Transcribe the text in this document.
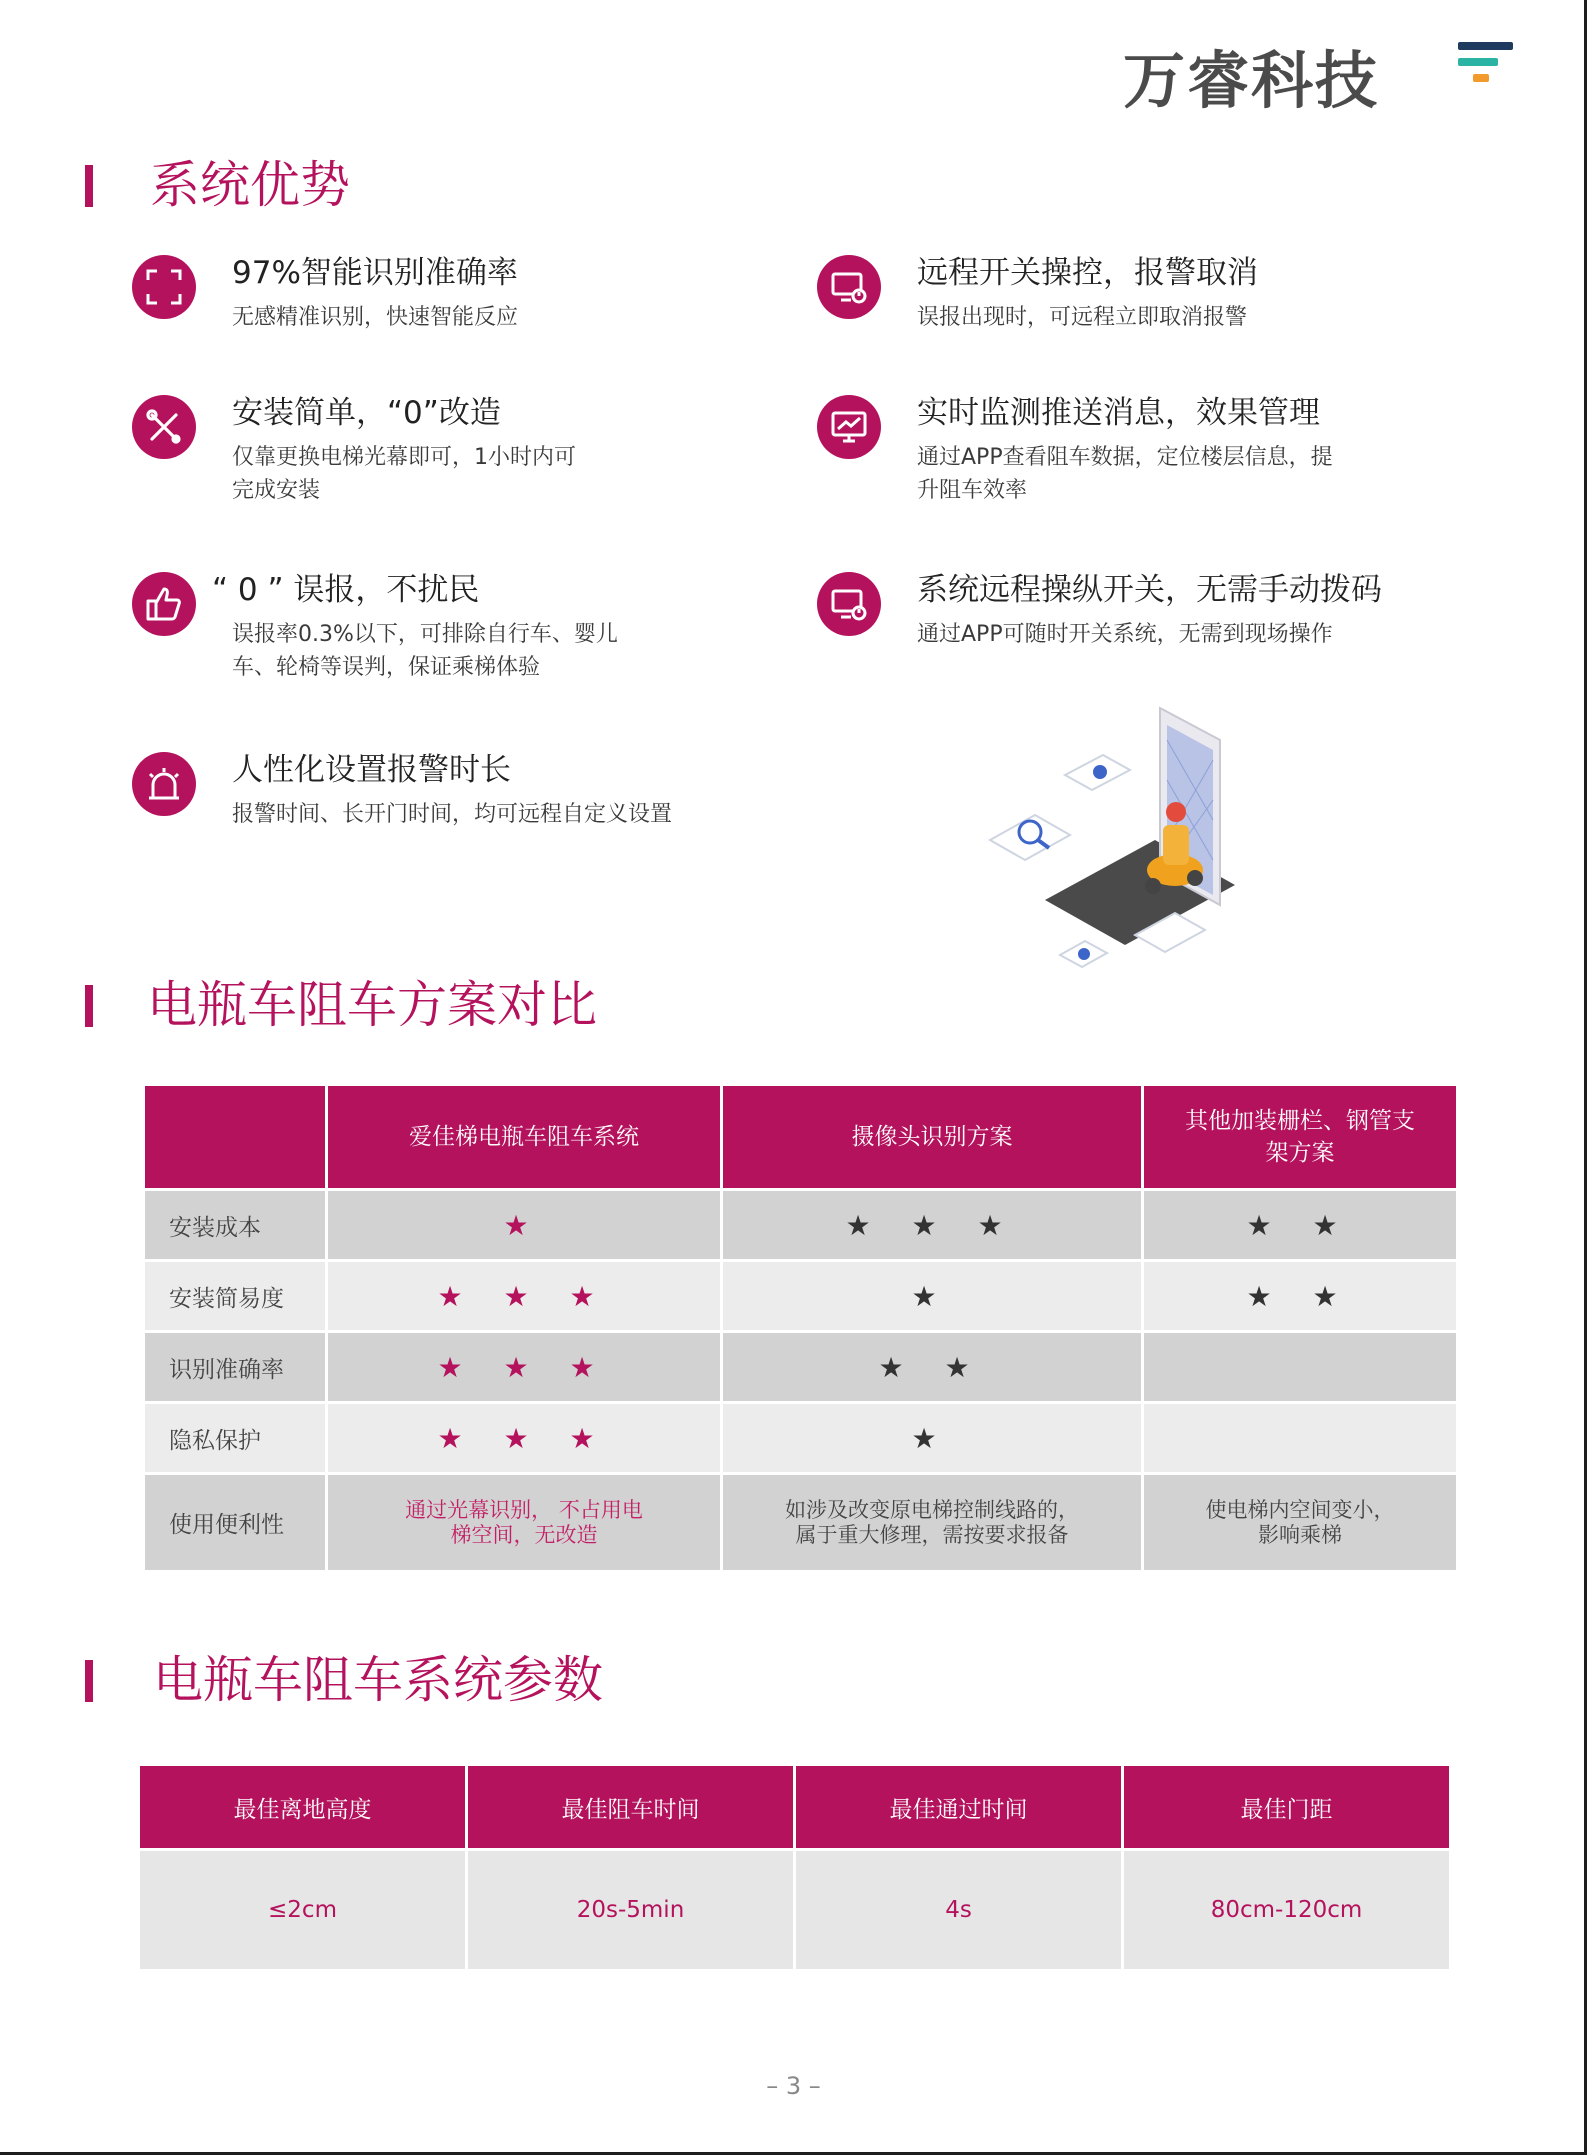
万睿科技
系统优势
97%智能识别准确率
无感精准识别，快速智能反应
安装简单，“0”改造
仅靠更换电梯光幕即可，1小时内可完成安装
“ 0 ” 误报，不扰民
误报率0.3%以下，可排除自行车、婴儿车、轮椅等误判，保证乘梯体验
人性化设置报警时长
报警时间、长开门时间，均可远程自定义设置
远程开关操控，报警取消
误报出现时，可远程立即取消报警
实时监测推送消息，效果管理
通过APP查看阻车数据，定位楼层信息，提升阻车效率
系统远程操纵开关，无需手动拨码
通过APP可随时开关系统，无需到现场操作
电瓶车阻车方案对比
	爱佳梯电瓶车阻车系统	摄像头识别方案	其他加装栅栏、钢管支架方案
安装成本	★	★ ★ ★	★ ★
安装简易度	★ ★ ★	★	★ ★
识别准确率	★ ★ ★	★ ★	
隐私保护	★ ★ ★	★	
使用便利性	通过光幕识别， 不占用电梯空间，无改造	如涉及改变原电梯控制线路的，属于重大修理，需按要求报备	使电梯内空间变小，影响乘梯
电瓶车阻车系统参数
最佳离地高度	最佳阻车时间	最佳通过时间	最佳门距
≤2cm	20s-5min	4s	80cm-120cm
– 3 –
